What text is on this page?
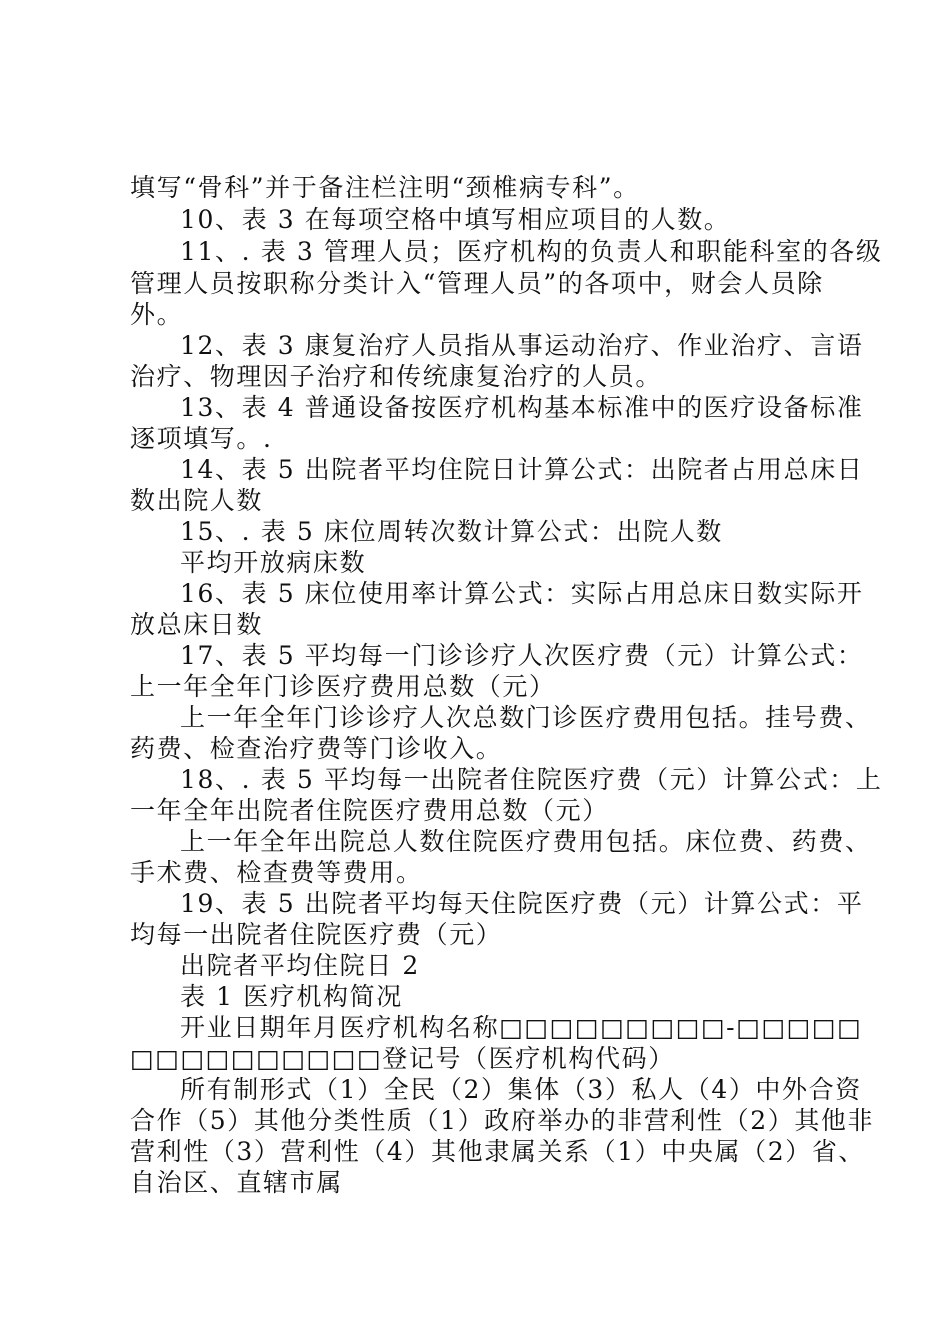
填写“骨科”并于备注栏注明“颈椎病专科”。
10、表 3 在每项空格中填写相应项目的人数。
11、. 表 3 管理人员；医疗机构的负责人和职能科室的各级
管理人员按职称分类计入“管理人员”的各项中，财会人员除
外。
12、表 3 康复治疗人员指从事运动治疗、作业治疗、言语
治疗、物理因子治疗和传统康复治疗的人员。
13、表 4 普通设备按医疗机构基本标准中的医疗设备标准
逐项填写。.
14、表 5 出院者平均住院日计算公式：出院者占用总床日
数出院人数
15、. 表 5 床位周转次数计算公式：出院人数
平均开放病床数
16、表 5 床位使用率计算公式：实际占用总床日数实际开
放总床日数
17、表 5 平均每一门诊诊疗人次医疗费（元）计算公式：
上一年全年门诊医疗费用总数（元）
上一年全年门诊诊疗人次总数门诊医疗费用包括。挂号费、
药费、检查治疗费等门诊收入。
18、. 表 5 平均每一出院者住院医疗费（元）计算公式：上
一年全年出院者住院医疗费用总数（元）
上一年全年出院总人数住院医疗费用包括。床位费、药费、
手术费、检查费等费用。
19、表 5 出院者平均每天住院医疗费（元）计算公式：平
均每一出院者住院医疗费（元）
出院者平均住院日 2
表 1 医疗机构简况
开业日期年月医疗机构名称□□□□□□□□□-□□□□□
□□□□□□□□□□登记号（医疗机构代码）
所有制形式（1）全民（2）集体（3）私人（4）中外合资
合作（5）其他分类性质（1）政府举办的非营利性（2）其他非
营利性（3）营利性（4）其他隶属关系（1）中央属（2）省、
自治区、直辖市属
